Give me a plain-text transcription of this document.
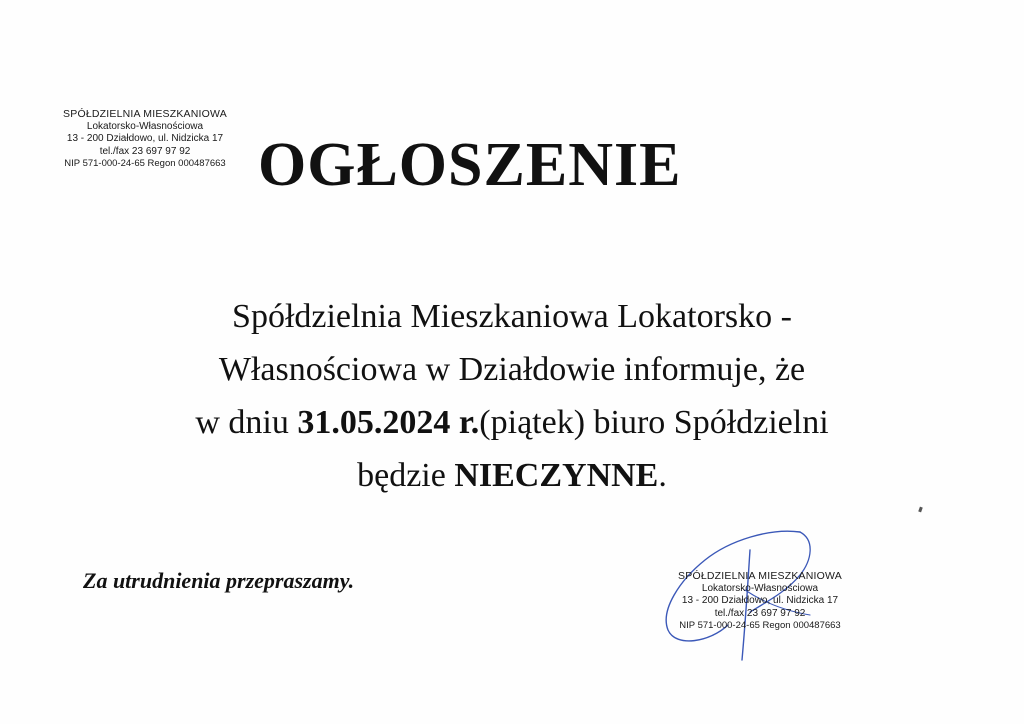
SPÓŁDZIELNIA MIESZKANIOWA
Lokatorsko-Własnościowa
13 - 200 Działdowo, ul. Nidzicka 17
tel./fax 23 697 97 92
NIP 571-000-24-65 Regon 000487663 OGŁOSZENIE
Spółdzielnia Mieszkaniowa Lokatorsko -
Własnościowa w Działdowie informuje, że
w dniu 31.05.2024 r.(piątek) biuro Spółdzielni
będzie NIECZYNNE.
Za utrudnienia przepraszamy.	SPÓŁDZIELNIA MIESZKANIOWA
Lokatorsko-Własnościowa
13 - 200 Działdowo, ul. Nidzicka 17
tel./fax 23 697 97 92
NIP 571-000-24-65 Regon 000487663
